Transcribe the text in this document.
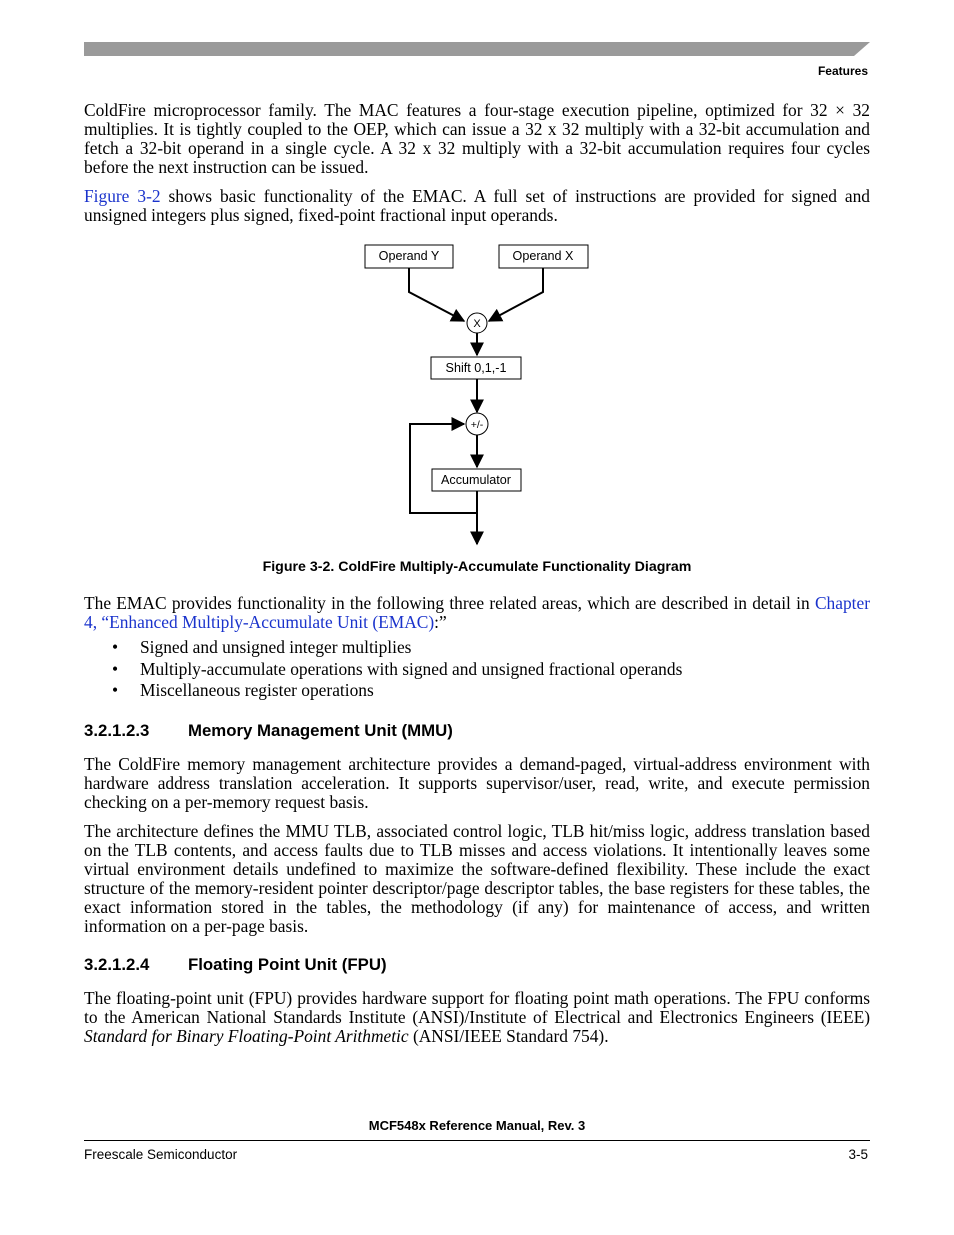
Features
ColdFire microprocessor family. The MAC features a four-stage execution pipeline, optimized for 32 × 32 multiplies. It is tightly coupled to the OEP, which can issue a 32 x 32 multiply with a 32-bit accumulation and fetch a 32-bit operand in a single cycle. A 32 x 32 multiply with a 32-bit accumulation requires four cycles before the next instruction can be issued.
Figure 3-2 shows basic functionality of the EMAC. A full set of instructions are provided for signed and unsigned integers plus signed, fixed-point fractional input operands.
Operand Y	Operand X
X
Shift 0,1,-1
+/-
Accumulator
Figure 3-2. ColdFire Multiply-Accumulate Functionality Diagram
The EMAC provides functionality in the following three related areas, which are described in detail in Chapter 4, “Enhanced Multiply-Accumulate Unit (EMAC):”
• Signed and unsigned integer multiplies
• Multiply-accumulate operations with signed and unsigned fractional operands
• Miscellaneous register operations
3.2.1.2.3 Memory Management Unit (MMU)
The ColdFire memory management architecture provides a demand-paged, virtual-address environment with hardware address translation acceleration. It supports supervisor/user, read, write, and execute permission checking on a per-memory request basis.
The architecture defines the MMU TLB, associated control logic, TLB hit/miss logic, address translation based on the TLB contents, and access faults due to TLB misses and access violations. It intentionally leaves some virtual environment details undefined to maximize the software-defined flexibility. These include the exact structure of the memory-resident pointer descriptor/page descriptor tables, the base registers for these tables, the exact information stored in the tables, the methodology (if any) for maintenance of access, and written information on a per-page basis.
3.2.1.2.4 Floating Point Unit (FPU)
The floating-point unit (FPU) provides hardware support for floating point math operations. The FPU conforms to the American National Standards Institute (ANSI)/Institute of Electrical and Electronics Engineers (IEEE) Standard for Binary Floating-Point Arithmetic (ANSI/IEEE Standard 754).
MCF548x Reference Manual, Rev. 3
Freescale Semiconductor	3-5
